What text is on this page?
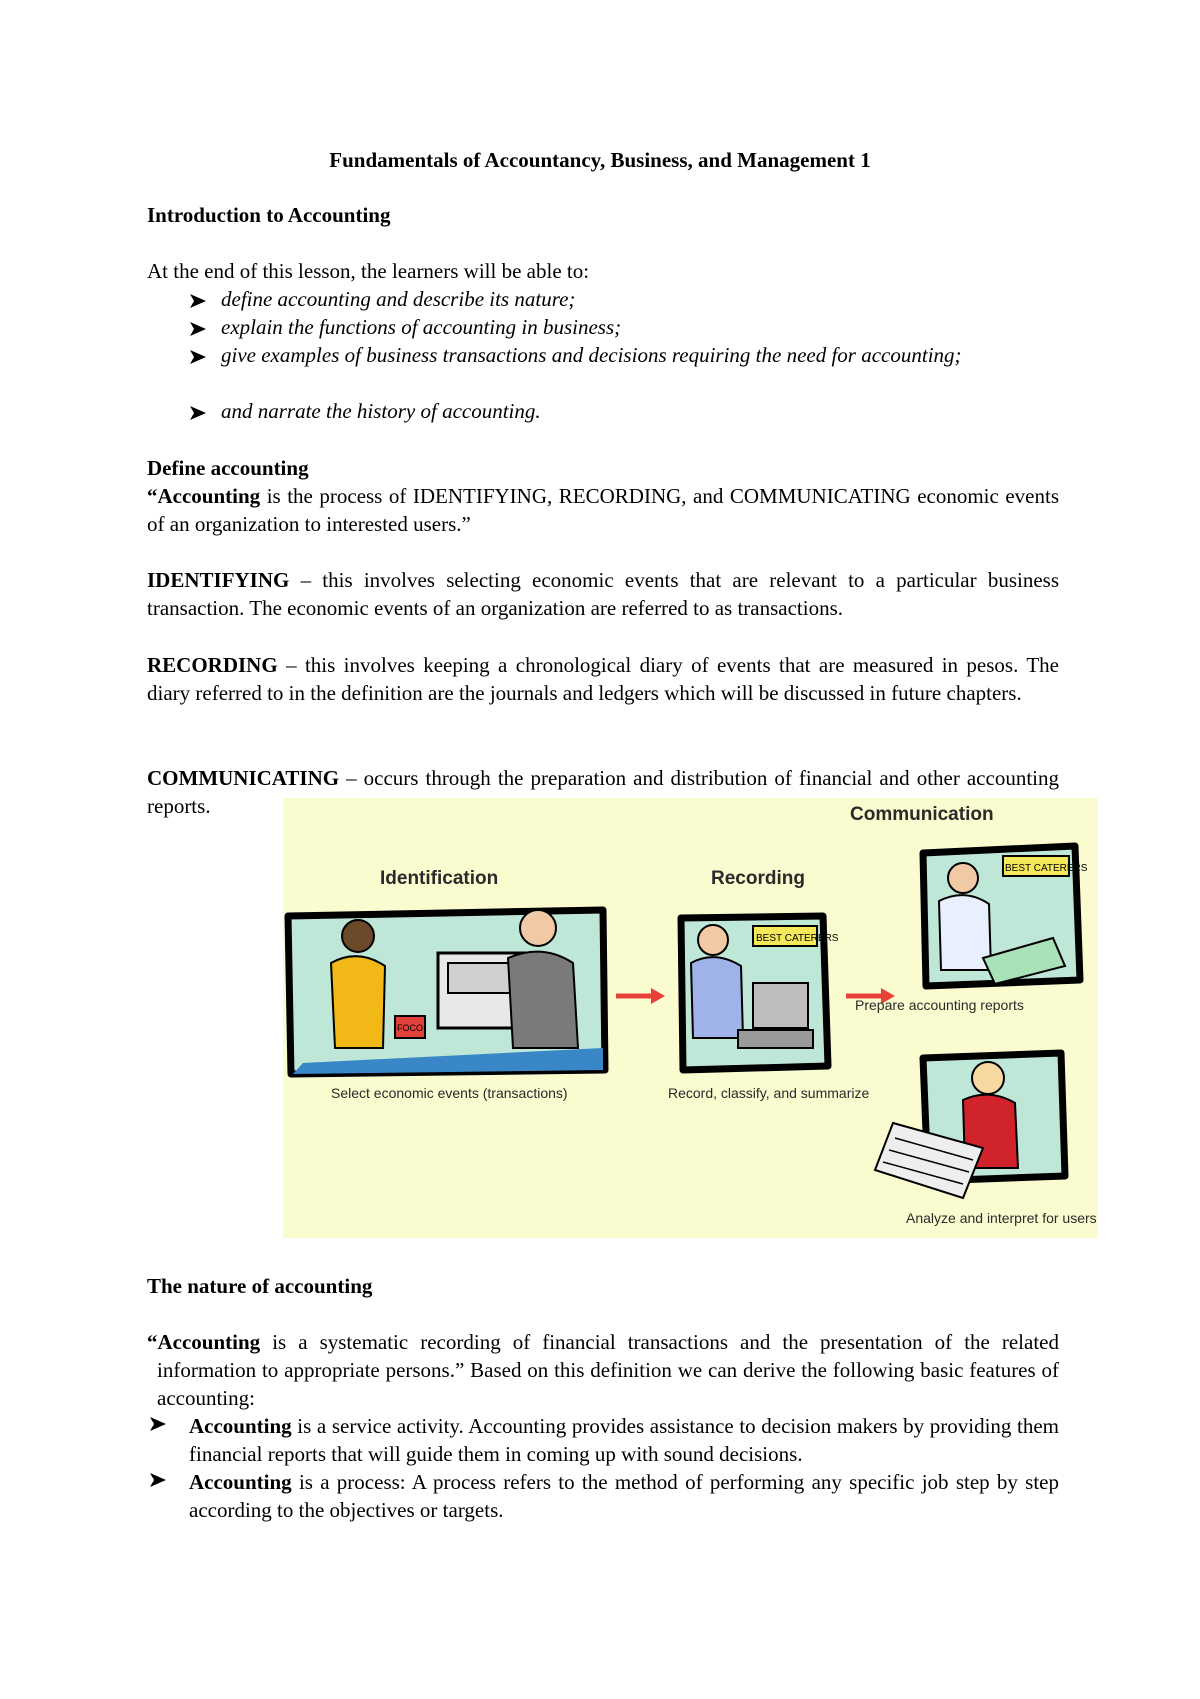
Fundamentals of Accountancy, Business, and Management 1

Introduction to Accounting

At the end of this lesson, the learners will be able to:

define accounting and describe its nature;
explain the functions of accounting in business;
give examples of business transactions and decisions requiring the need for accounting;
and narrate the history of accounting.

Define accounting

“Accounting is the process of IDENTIFYING, RECORDING, and COMMUNICATING economic events of an organization to interested users.”

IDENTIFYING – this involves selecting economic events that are relevant to a particular business transaction. The economic events of an organization are referred to as transactions.

RECORDING – this involves keeping a chronological diary of events that are measured in pesos. The diary referred to in the definition are the journals and ledgers which will be discussed in future chapters.

COMMUNICATING – occurs through the preparation and distribution of financial and other accounting reports.

FOCO
BEST CATERERS
BEST CATERERS
Communication
Identification	Recording
Prepare accounting reports
Select economic events (transactions)	Record, classify, and summarize
Analyze and interpret for users

The nature of accounting

“Accounting is a systematic recording of financial transactions and the presentation of the related information to appropriate persons.” Based on this definition we can derive the following basic features of accounting:

Accounting is a service activity. Accounting provides assistance to decision makers by providing them financial reports that will guide them in coming up with sound decisions.
Accounting is a process: A process refers to the method of performing any specific job step by step according to the objectives or targets.
